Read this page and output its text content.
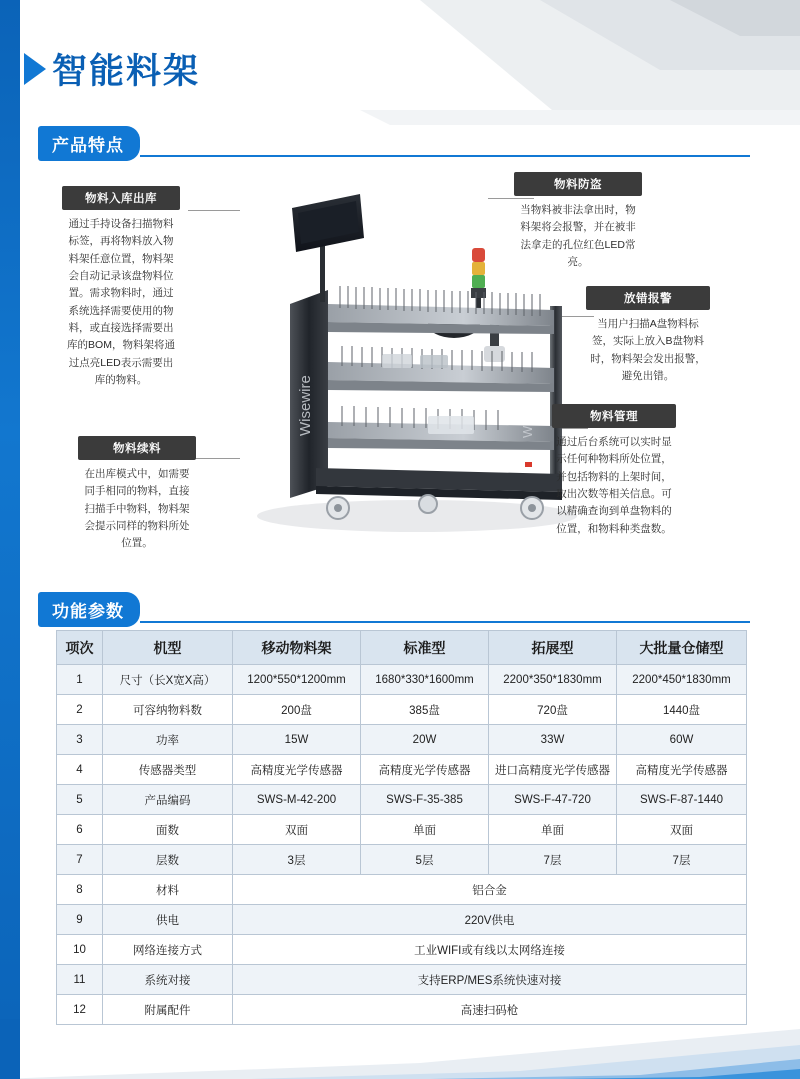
智能料架
产品特点
Wisewire	W
物料入库出库
通过手持设备扫描物料标签，再将物料放入物料架任意位置，物料架会自动记录该盘物料位置。需求物料时，通过系统选择需要使用的物料，或直接选择需要出库的BOM，物料架将通过点亮LED表示需要出库的物料。
物料续料
在出库模式中，如需要同手相同的物料，直接扫描手中物料，物料架会提示同样的物料所处位置。
物料防盗
当物料被非法拿出时，物料架将会报警，并在被非法拿走的孔位红色LED常亮。
放错报警
当用户扫描A盘物料标签，实际上放入B盘物料时，物料架会发出报警，避免出错。
物料管理
通过后台系统可以实时显示任何种物料所处位置，并包括物料的上架时间，取出次数等相关信息。可以精确查询到单盘物料的位置，和物料种类盘数。
功能参数
项次	机型	移动物料架	标准型	拓展型	大批量仓储型
1	尺寸（长X宽X高）	1200*550*1200mm	1680*330*1600mm	2200*350*1830mm	2200*450*1830mm
2	可容纳物料数	200盘	385盘	720盘	1440盘
3	功率	15W	20W	33W	60W
4	传感器类型	高精度光学传感器	高精度光学传感器	进口高精度光学传感器	高精度光学传感器
5	产品编码	SWS-M-42-200	SWS-F-35-385	SWS-F-47-720	SWS-F-87-1440
6	面数	双面	单面	单面	双面
7	层数	3层	5层	7层	7层
8	材料	铝合金			
9	供电	220V供电			
10	网络连接方式	工业WIFI或有线以太网络连接			
11	系统对接	支持ERP/MES系统快速对接			
12	附属配件	高速扫码枪			
